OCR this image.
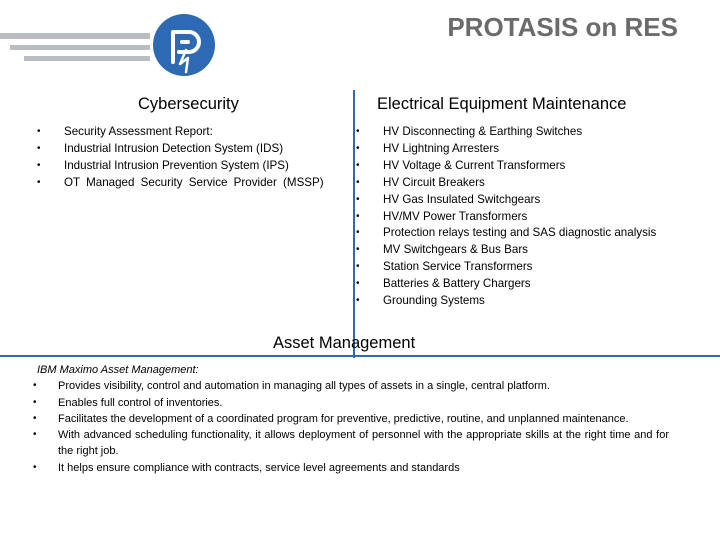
PROTASIS on RES
Cybersecurity
• Security Assessment Report:
• Industrial Intrusion Detection System (IDS)
• Industrial Intrusion Prevention System (IPS)
• OT Managed Security Service Provider (MSSP)
Electrical Equipment Maintenance
• HV Disconnecting & Earthing Switches
• HV Lightning Arresters
• HV Voltage & Current Transformers
• HV Circuit Breakers
• HV Gas Insulated Switchgears
• HV/MV Power Transformers
• Protection relays testing and SAS diagnostic analysis
• MV Switchgears & Bus Bars
• Station Service Transformers
• Batteries & Battery Chargers
• Grounding Systems
Asset Management
IBM Maximo Asset Management:
• Provides visibility, control and automation in managing all types of assets in a single, central platform.
• Enables full control of inventories.
• Facilitates the development of a coordinated program for preventive, predictive, routine, and unplanned maintenance.
• With advanced scheduling functionality, it allows deployment of personnel with the appropriate skills at the right time and for the right job.
• It helps ensure compliance with contracts, service level agreements and standards
